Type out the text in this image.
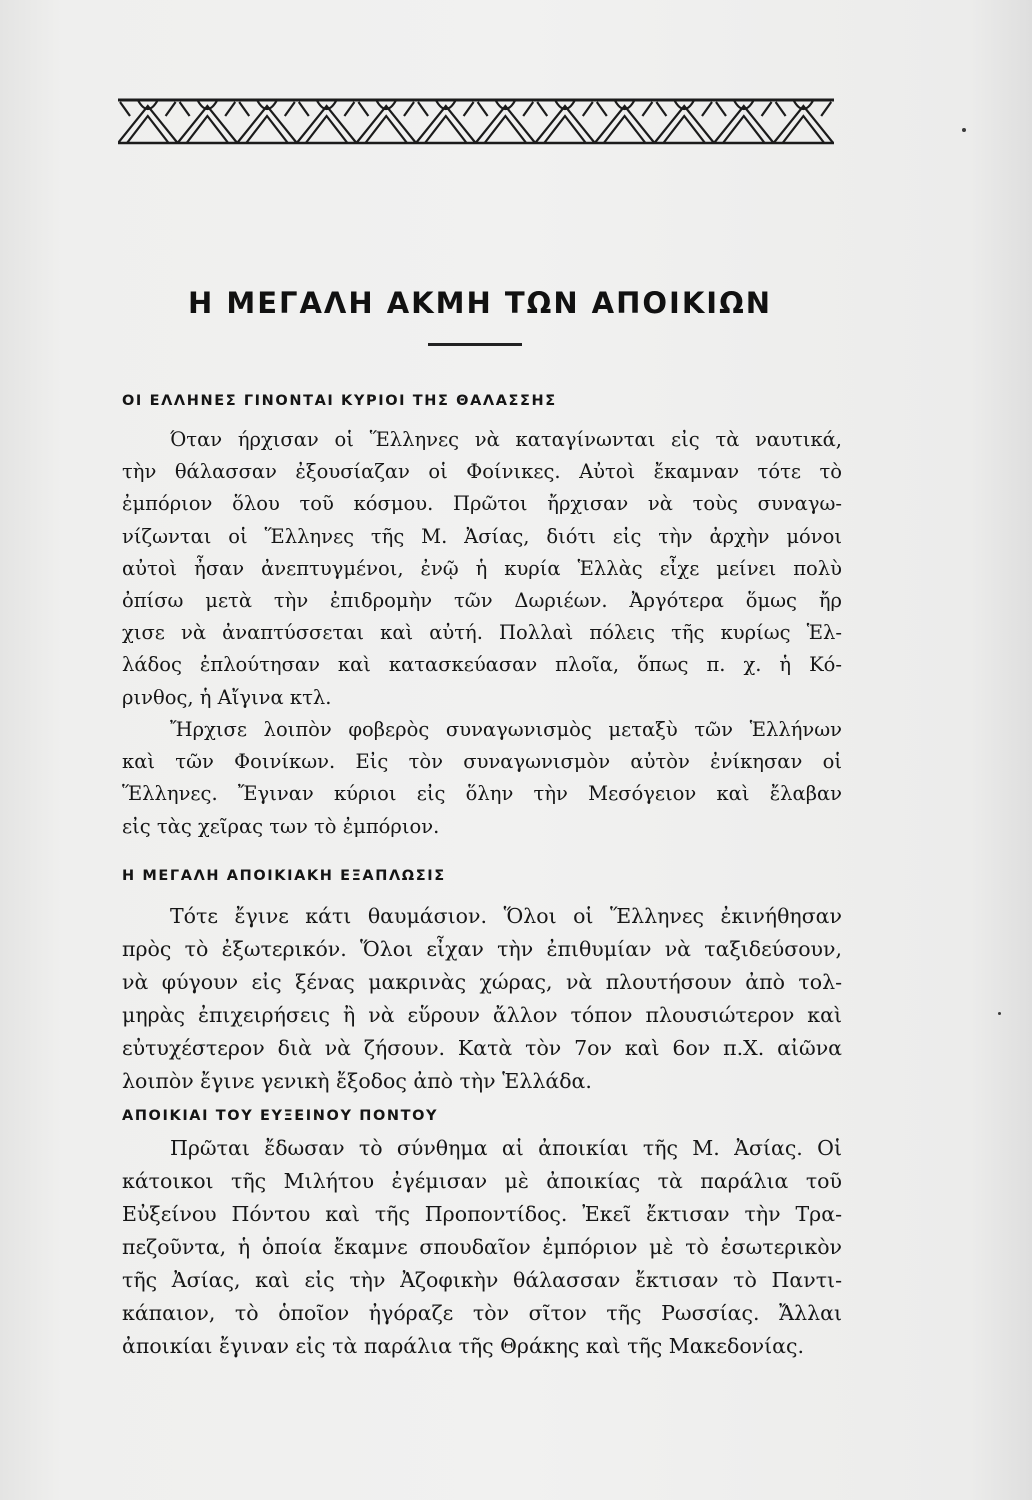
Η ΜΕΓΑΛΗ ΑΚΜΗ ΤΩΝ ΑΠΟΙΚΙΩΝ
ΟΙ ΕΛΛΗΝΕΣ ΓΙΝΟΝΤΑΙ ΚΥΡΙΟΙ ΤΗΣ ΘΑΛΑΣΣΗΣ
Όταν ήρχισαν οἱ Ἕλληνες νὰ καταγίνωνται εἰς τὰ ναυτικά,
τὴν θάλασσαν ἐξουσίαζαν οἱ Φοίνικες. Αὐτοὶ ἔκαμναν τότε τὸ
ἐμπόριον ὅλου τοῦ κόσμου. Πρῶτοι ἤρχισαν νὰ τοὺς συναγω-
νίζωνται οἱ Ἕλληνες τῆς Μ. Ἀσίας, διότι εἰς τὴν ἀρχὴν μόνοι
αὐτοὶ ἦσαν ἀνεπτυγμένοι, ἐνῷ ἡ κυρία Ἑλλὰς εἶχε μείνει πολὺ
ὀπίσω μετὰ τὴν ἐπιδρομὴν τῶν Δωριέων. Ἀργότερα ὅμως ἤρ
χισε νὰ ἀναπτύσσεται καὶ αὐτή. Πολλαὶ πόλεις τῆς κυρίως Ἑλ-
λάδος ἐπλούτησαν καὶ κατασκεύασαν πλοῖα, ὅπως π. χ. ἡ Κό-
ρινθος, ἡ Αἴγινα κτλ.
Ἤρχισε λοιπὸν φοβερὸς συναγωνισμὸς μεταξὺ τῶν Ἑλλήνων
καὶ τῶν Φοινίκων. Εἰς τὸν συναγωνισμὸν αὐτὸν ἐνίκησαν οἱ
Ἕλληνες. Ἔγιναν κύριοι εἰς ὅλην τὴν Μεσόγειον καὶ ἔλαβαν
εἰς τὰς χεῖρας των τὸ ἐμπόριον.
Η ΜΕΓΑΛΗ ΑΠΟΙΚΙΑΚΗ ΕΞΑΠΛΩΣΙΣ
Τότε ἔγινε κάτι θαυμάσιον. Ὅλοι οἱ Ἕλληνες ἐκινήθησαν
πρὸς τὸ ἐξωτερικόν. Ὅλοι εἶχαν τὴν ἐπιθυμίαν νὰ ταξιδεύσουν,
νὰ φύγουν εἰς ξένας μακρινὰς χώρας, νὰ πλουτήσουν ἀπὸ τολ-
μηρὰς ἐπιχειρήσεις ἢ νὰ εὕρουν ἄλλον τόπον πλουσιώτερον καὶ
εὐτυχέστερον διὰ νὰ ζήσουν. Κατὰ τὸν 7ον καὶ 6ον π.Χ. αἰῶνα
λοιπὸν ἔγινε γενικὴ ἔξοδος ἀπὸ τὴν Ἑλλάδα.
ΑΠΟΙΚΙΑΙ ΤΟΥ ΕΥΞΕΙΝΟΥ ΠΟΝΤΟΥ
Πρῶται ἔδωσαν τὸ σύνθημα αἱ ἀποικίαι τῆς Μ. Ἀσίας. Οἱ
κάτοικοι τῆς Μιλήτου ἐγέμισαν μὲ ἀποικίας τὰ παράλια τοῦ
Εὐξείνου Πόντου καὶ τῆς Προποντίδος. Ἐκεῖ ἔκτισαν τὴν Τρα-
πεζοῦντα, ἡ ὁποία ἔκαμνε σπουδαῖον ἐμπόριον μὲ τὸ ἐσωτερικὸν
τῆς Ἀσίας, καὶ εἰς τὴν Ἀζοφικὴν θάλασσαν ἔκτισαν τὸ Παντι-
κάπαιον, τὸ ὁποῖον ἠγόραζε τὸν σῖτον τῆς Ρωσσίας. Ἄλλαι
ἀποικίαι ἔγιναν εἰς τὰ παράλια τῆς Θράκης καὶ τῆς Μακεδονίας.
